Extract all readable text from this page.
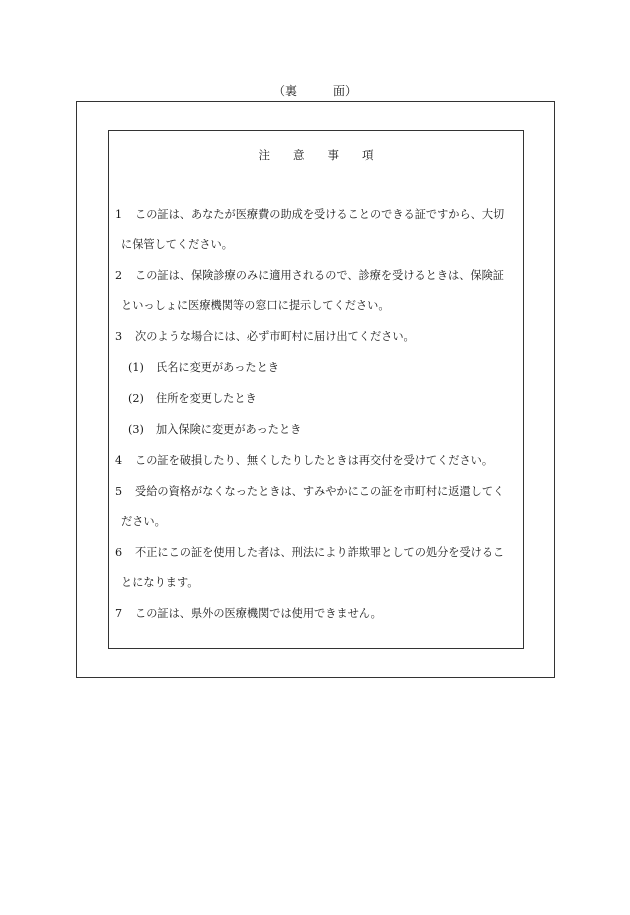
（裏　　　面）
注　　意　　事　　項
1 この証は、あなたが医療費の助成を受けることのできる証ですから、大切
に保管してください。
2 この証は、保険診療のみに適用されるので、診療を受けるときは、保険証
といっしょに医療機関等の窓口に提示してください。
3 次のような場合には、必ず市町村に届け出てください。
(1) 氏名に変更があったとき
(2) 住所を変更したとき
(3) 加入保険に変更があったとき
4 この証を破損したり、無くしたりしたときは再交付を受けてください。
5 受給の資格がなくなったときは、すみやかにこの証を市町村に返還してく
ださい。
6 不正にこの証を使用した者は、刑法により詐欺罪としての処分を受けるこ
とになります。
7 この証は、県外の医療機関では使用できません。
